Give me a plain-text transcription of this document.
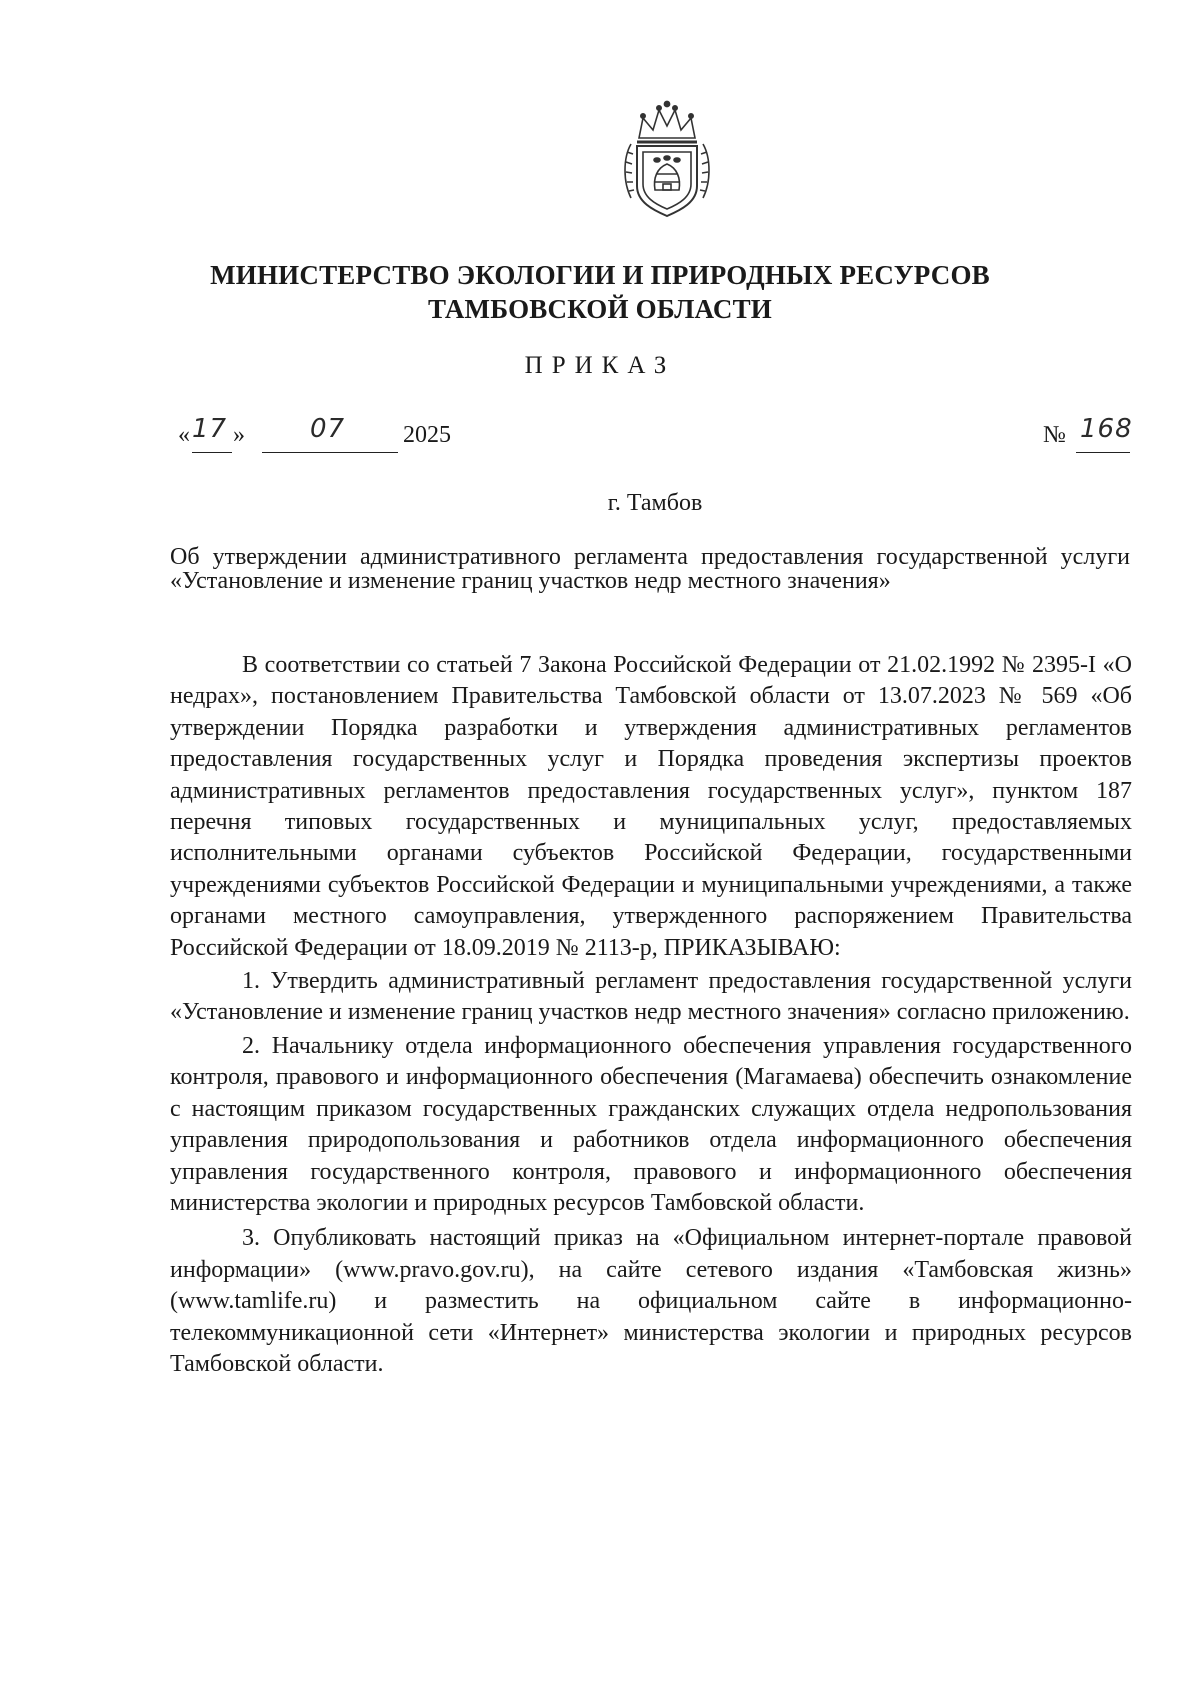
МИНИСТЕРСТВО ЭКОЛОГИИ И ПРИРОДНЫХ РЕСУРСОВ
ТАМБОВСКОЙ ОБЛАСТИ
ПРИКАЗ
« 17 »	07 2025	№ 168
г. Тамбов
Об утверждении административного регламента предоставления государственной услуги «Установление и изменение границ участков недр местного значения»

В соответствии со статьей 7 Закона Российской Федерации от 21.02.1992 № 2395-I «О недрах», постановлением Правительства Тамбовской области от 13.07.2023 № 569 «Об утверждении Порядка разработки и утверждения административных регламентов предоставления государственных услуг и Порядка проведения экспертизы проектов административных регламентов предоставления государственных услуг», пунктом 187 перечня типовых государственных и муниципальных услуг, предоставляемых исполнительными органами субъектов Российской Федерации, государственными учреждениями субъектов Российской Федерации и муниципальными учреждениями, а также органами местного самоуправления, утвержденного распоряжением Правительства Российской Федерации от 18.09.2019 № 2113-р, ПРИКАЗЫВАЮ:

1. Утвердить административный регламент предоставления государственной услуги «Установление и изменение границ участков недр местного значения» согласно приложению.

2. Начальнику отдела информационного обеспечения управления государственного контроля, правового и информационного обеспечения (Магамаева) обеспечить ознакомление с настоящим приказом государственных гражданских служащих отдела недропользования управления природопользования и работников отдела информационного обеспечения управления государственного контроля, правового и информационного обеспечения министерства экологии и природных ресурсов Тамбовской области.

3. Опубликовать настоящий приказ на «Официальном интернет-портале правовой информации» (www.pravo.gov.ru), на сайте сетевого издания «Тамбовская жизнь» (www.tamlife.ru) и разместить на официальном сайте в информационно-телекоммуникационной сети «Интернет» министерства экологии и природных ресурсов Тамбовской области.
